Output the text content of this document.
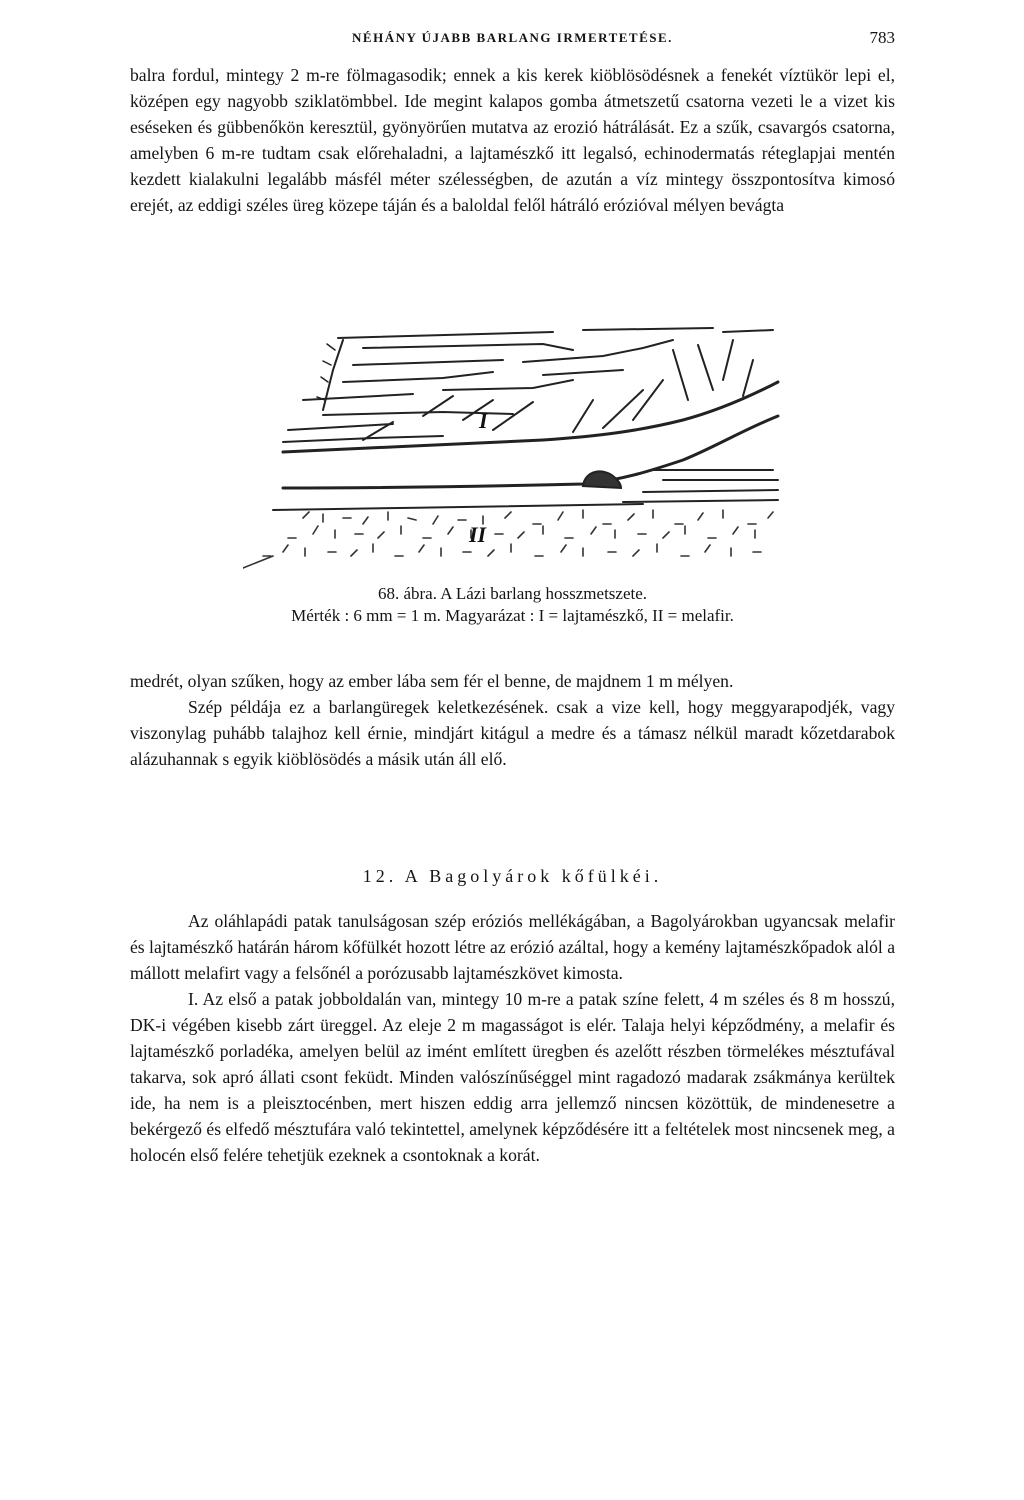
NÉHÁNY ÚJABB BARLANG IRMERTETÉSE.	783

balra fordul, mintegy 2 m-re fölmagasodik; ennek a kis kerek kiöblösödésnek a fenekét víztükör lepi el, középen egy nagyobb sziklatömbbel. Ide megint kalapos gomba átmetszetű csatorna vezeti le a vizet kis eséseken és gübbenőkön keresztül, gyönyörűen mutatva az erozió hátrálását. Ez a szűk, csavargós csatorna, amelyben 6 m-re tudtam csak előrehaladni, a lajtamészkő itt legalsó, echinodermatás réteglapjai mentén kezdett kialakulni legalább másfél méter szélességben, de azután a víz mintegy összpontosítva kimosó erejét, az eddigi széles üreg közepe táján és a baloldal felől hátráló erózióval mélyen bevágta

I
II
68. ábra. A Lázi barlang hosszmetszete.
Mérték : 6 mm = 1 m. Magyarázat : I = lajtamészkő, II = melafir.

medrét, olyan szűken, hogy az ember lába sem fér el benne, de majdnem 1 m mélyen.

Szép példája ez a barlangüregek keletkezésének. csak a vize kell, hogy meggyarapodjék, vagy viszonylag puhább talajhoz kell érnie, mindjárt kitágul a medre és a támasz nélkül maradt kőzetdarabok alázuhannak s egyik kiöblösödés a másik után áll elő.

12. A Bagolyárok kőfülkéi.

Az oláhlapádi patak tanulságosan szép eróziós mellékágában, a Bagolyárokban ugyancsak melafir és lajtamészkő határán három kőfülkét hozott létre az erózió azáltal, hogy a kemény lajtamészkőpadok alól a mállott melafirt vagy a felsőnél a porózusabb lajtamészkövet kimosta.

I. Az első a patak jobboldalán van, mintegy 10 m-re a patak színe felett, 4 m széles és 8 m hosszú, DK-i végében kisebb zárt üreggel. Az eleje 2 m magasságot is elér. Talaja helyi képződmény, a melafir és lajtamészkő porladéka, amelyen belül az imént említett üregben és azelőtt részben törmelékes mésztufával takarva, sok apró állati csont feküdt. Minden valószínűséggel mint ragadozó madarak zsákmánya kerültek ide, ha nem is a pleisztocénben, mert hiszen eddig arra jellemző nincsen közöttük, de mindenesetre a bekérgező és elfedő mésztufára való tekintettel, amelynek képződésére itt a feltételek most nincsenek meg, a holocén első felére tehetjük ezeknek a csontoknak a korát.
